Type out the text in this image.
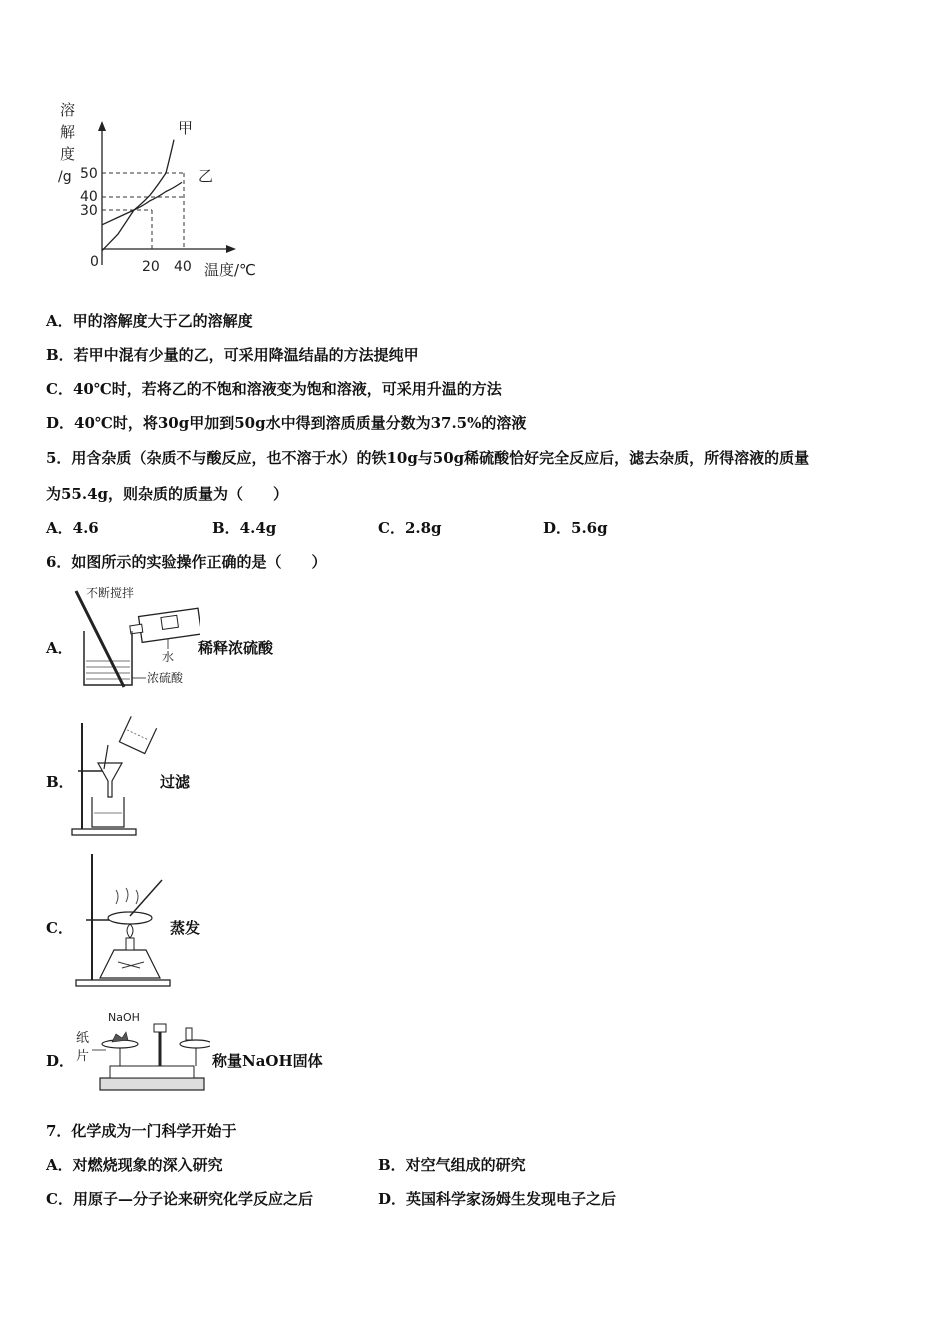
溶
解
度
/g
甲
乙
50
40
30
0	20 40 温度/℃
A．甲的溶解度大于乙的溶解度
B．若甲中混有少量的乙，可采用降温结晶的方法提纯甲
C．40℃时，若将乙的不饱和溶液变为饱和溶液，可采用升温的方法
D．40℃时，将30g甲加到50g水中得到溶质质量分数为37.5%的溶液
5．用含杂质（杂质不与酸反应，也不溶于水）的铁10g与50g稀硫酸恰好完全反应后，滤去杂质，所得溶液的质量
为55.4g，则杂质的质量为（　　）
A．4.6	B．4.4g	C．2.8g	D．5.6g
6．如图所示的实验操作正确的是（　　）
A．
不断搅拌
水
浓硫酸
稀释浓硫酸
B．	过滤
C．	蒸发
D．
NaOH
纸
片	称量NaOH固体
7．化学成为一门科学开始于
A．对燃烧现象的深入研究	B．对空气组成的研究
C．用原子—分子论来研究化学反应之后	D．英国科学家汤姆生发现电子之后
